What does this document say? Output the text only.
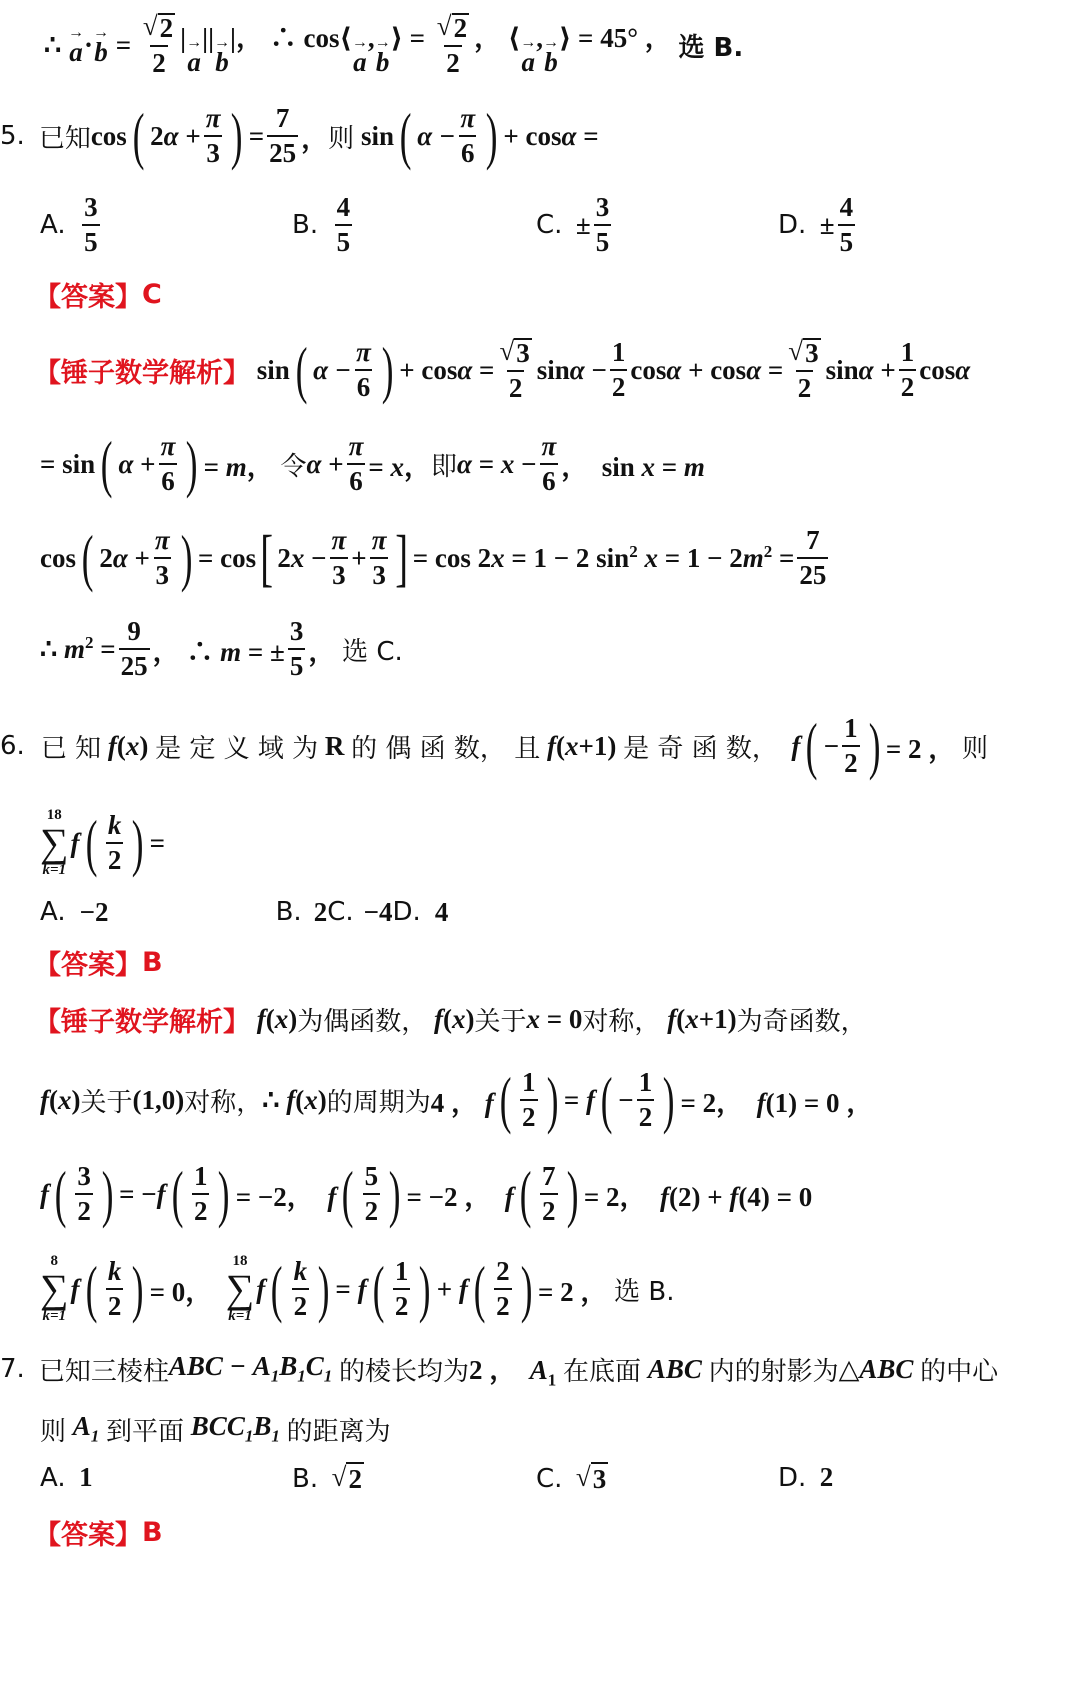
∴ →
a · →
$b = \frac{√ 2}{2}$ | →
a
|| →
b
|， ∴ cos⟨ →
a
, →
b
⟩ = $\frac{√ 2}{2}$ ， ⟨ →
a
, →
b
⟩ = 45° ， 选 B.
5. 已知 cos ( $2\alpha + \frac{\pi}{3}$ ) = $\frac{7}{25}$ ， 则 sin ( $\alpha - \frac{\pi}{6}$ ) + cosα =
A.
$\frac{3}{5}$	B.
$\frac{4}{5}$	C.
± $\frac{3}{5}$	D.
± $\frac{4}{5}$
【答案】 C
【锤子数学解析】 sin ( $\alpha - \frac{\pi}{6}$ ) + $\cos\alpha = \frac{√ 3}{2}$ $\sin\alpha - \frac{1}{2}$ $\cos\alpha + \cos\alpha = \frac{√ 3}{2}$ $\sin\alpha + \frac{1}{2}$ cosα
= sin ( $\alpha + \frac{\pi}{6}$ ) = m， 令 $\alpha + \frac{\pi}{6} = x$， 即 $\alpha = x - \frac{\pi}{6}$ ，  sin x = m
cos ( $2\alpha + \frac{\pi}{3}$ ) = cos [ $2x - \frac{\pi}{3} + \frac{\pi}{3}$ ] = cos 2x = 1 − 2 $\sin^2 x = 1 - 2m^2 = \frac{7}{25}$
∴ $m^2 = \frac{9}{25}$ ， ∴ m = ± $\frac{3}{5}$ ， 选 C.
6. 已 知 f (x) 是 定 义 域 为
R
的 偶 函 数， 且 f (x+1) 是 奇 函 数， f ( − $\frac{1}{2}$ ) = 2 ， 则
18
∑
k=1
f ( $\frac{k}{2}$ ) =
A. −2	B. 2 C. −4 D. 4
【答案】 B
【锤子数学解析】 f (x) 为偶函数， f (x) 关于 x = 0 对称， f (x+1) 为奇函数，
f (x) 关于 (1,0) 对称， ∴ f(x) 的周期为 4 ， f ( $\frac{1}{2}$ ) = f ( − $\frac{1}{2}$ ) = 2，  f(1) = 0 ，
f ( $\frac{3}{2}$ ) = −f ( $\frac{1}{2}$ ) = −2，  f ( $\frac{5}{2}$ ) = −2 ，  f ( $\frac{7}{2}$ ) = 2，  f(2) + f(4) = 0
8
∑
k=1
f ( $\frac{k}{2}$ ) = 0，
18
∑
k=1
f ( $\frac{k}{2}$ ) = f ( $\frac{1}{2}$ ) + f ( $\frac{2}{2}$ ) = 2 ， 选 B.
7. 已知三棱柱 ABC − $A_1B_1C_1$ 的棱长均为 2 ，  $A_1$ 在底面 ABC 内的射影为 △ABC 的中心
则 $A_1$ 到平面 $BCC_1B_1$ 的距离为
A.
1	B.
√ 2	C.
√ 3	D.
2
【答案】 B
